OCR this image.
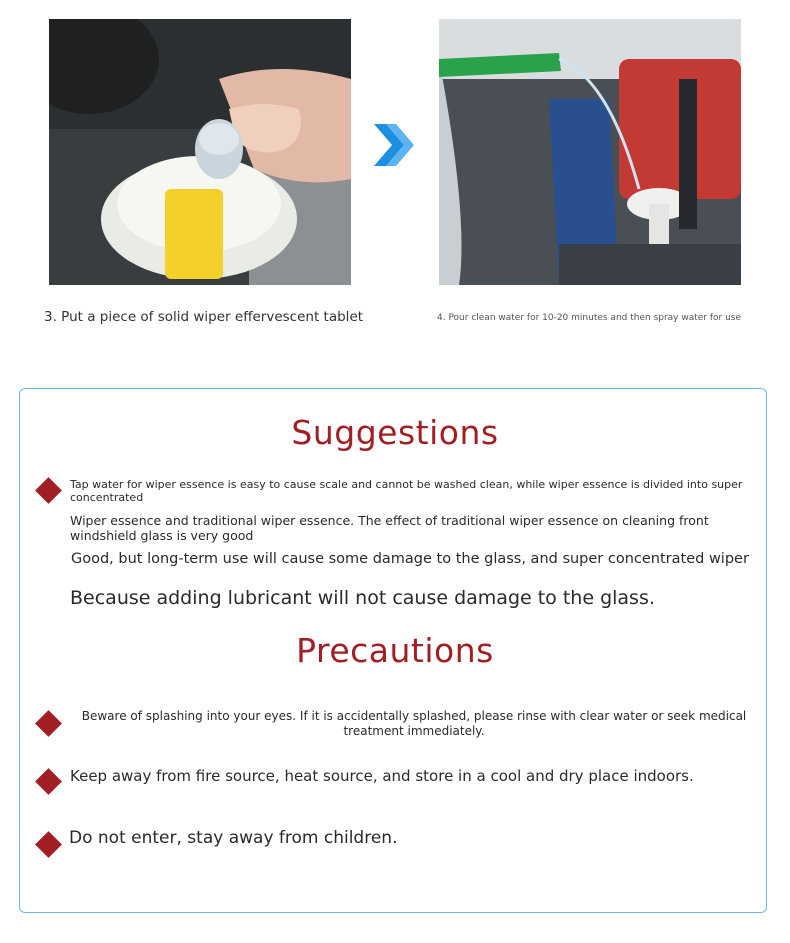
3. Put a piece of solid wiper effervescent tablet	4. Pour clean water for 10-20 minutes and then spray water for use
Suggestions
Tap water for wiper essence is easy to cause scale and cannot be washed clean, while wiper essence is divided into super concentrated
Wiper essence and traditional wiper essence. The effect of traditional wiper essence on cleaning front windshield glass is very good
Good, but long-term use will cause some damage to the glass, and super concentrated wiper
Because adding lubricant will not cause damage to the glass.
Precautions
Beware of splashing into your eyes. If it is accidentally splashed, please rinse with clear water or seek medical treatment immediately.
Keep away from fire source, heat source, and store in a cool and dry place indoors.
Do not enter, stay away from children.
